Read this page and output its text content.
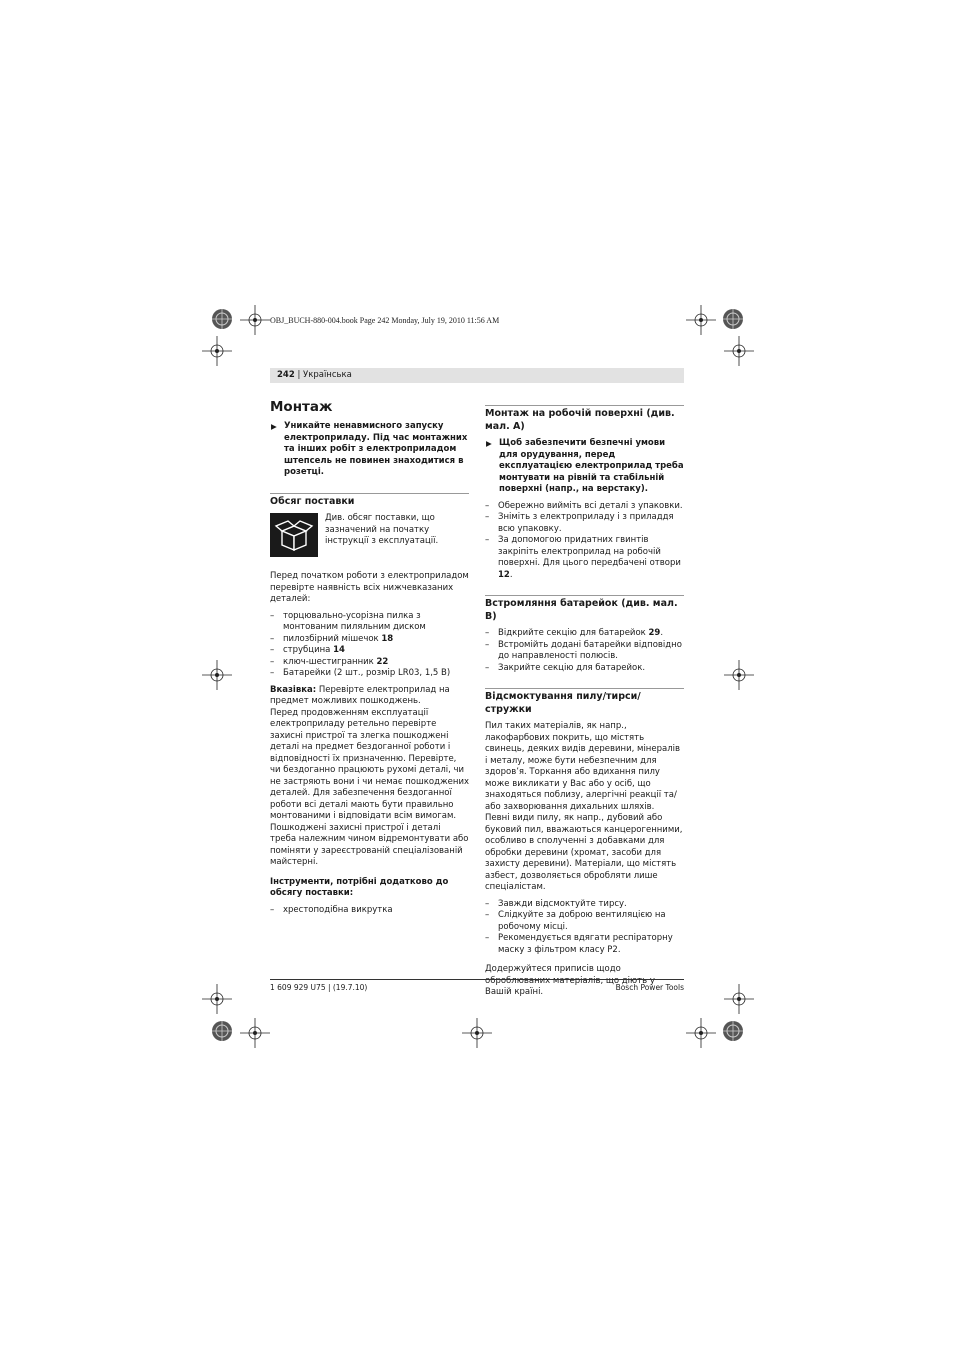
OBJ_BUCH-880-004.book Page 242 Monday, July 19, 2010 11:56 AM
242 | Українська
Монтаж
▶ Уникайте ненавмисного запуску електроприладу. Під час монтажних та інших робіт з електроприладом штепсель не повинен знаходитися в розетці.
Обсяг поставки
Див. обсяг поставки, що зазначений на початку інструкції з експлуатації.

Перед початком роботи з електроприладом перевірте наявність всіх нижчевказаних деталей:

– торцювально-усорізна пилка з монтованим пиляльним диском
– пилозбірний мішечок 18
– струбцина 14
– ключ-шестигранник 22
– Батарейки (2 шт., розмір LR03, 1,5 В)

Вказівка: Перевірте електроприлад на предмет можливих пошкоджень.

Перед продовженням експлуатації електроприладу ретельно перевірте захисні пристрої та злегка пошкоджені деталі на предмет бездоганної роботи і відповідності їх призначенню. Перевірте, чи бездоганно працюють рухомі деталі, чи не застряють вони і чи немає пошкоджених деталей. Для забезпечення бездоганної роботи всі деталі мають бути правильно монтованими і відповідати всім вимогам.

Пошкоджені захисні пристрої і деталі треба належним чином відремонтувати або поміняти у зареєстрованій спеціалізованій майстерні.

Інструменти, потрібні додатково до обсягу поставки:

– хрестоподібна викрутка
Монтаж на робочій поверхні (див. мал. А)
▶ Щоб забезпечити безпечні умови для орудування, перед експлуатацією електроприлад треба монтувати на рівній та стабільній поверхні (напр., на верстаку).
– Обережно вийміть всі деталі з упаковки.
– Зніміть з електроприладу і з приладдя всю упаковку.
– За допомогою придатних гвинтів закріпіть електроприлад на робочій поверхні. Для цього передбачені отвори 12.
Встромляння батарейок (див. мал. В)
– Відкрийте секцію для батарейок 29.
– Встромійть додані батарейки відповідно до направленості полюсів.
– Закрийте секцію для батарейок.
Відсмоктування пилу/тирси/стружки

Пил таких матеріалів, як напр., лакофарбових покрить, що містять свинець, деяких видів деревини, мінералів і металу, може бути небезпечним для здоров’я. Торкання або вдихання пилу може викликати у Вас або у осіб, що знаходяться поблизу, алергічні реакції та/або захворювання дихальних шляхів.

Певні види пилу, як напр., дубовий або буковий пил, вважаються канцерогенними, особливо в сполученні з добавками для обробки деревини (хромат, засоби для захисту деревини). Матеріали, що містять азбест, дозволяється обробляти лише спеціалістам.

– Завжди відсмоктуйте тирсу.
– Слідкуйте за доброю вентиляцією на робочому місці.
– Рекомендується вдягати респіраторну маску з фільтром класу Р2.

Додержуйтеся приписів щодо оброблюваних матеріалів, що діють у Вашій країні.

1 609 929 U75 | (19.7.10)	Bosch Power Tools
